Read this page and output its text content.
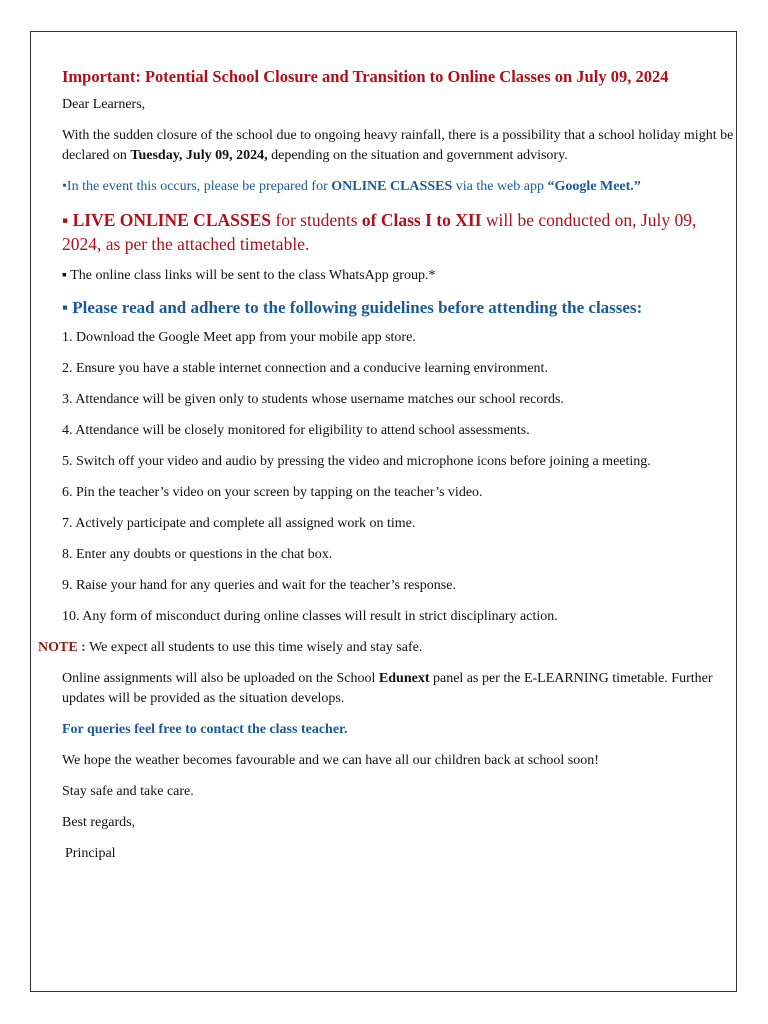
Important: Potential School Closure and Transition to Online Classes on July 09, 2024

Dear Learners,

With the sudden closure of the school due to ongoing heavy rainfall, there is a possibility that a school holiday might be declared on Tuesday, July 09, 2024, depending on the situation and government advisory.

•In the event this occurs, please be prepared for ONLINE CLASSES via the web app “Google Meet.”

▪ LIVE ONLINE CLASSES for students of Class I to XII will be conducted on, July 09, 2024, as per the attached timetable.

▪ The online class links will be sent to the class WhatsApp group.*

▪ Please read and adhere to the following guidelines before attending the classes:
1. Download the Google Meet app from your mobile app store.
2. Ensure you have a stable internet connection and a conducive learning environment.
3. Attendance will be given only to students whose username matches our school records.
4. Attendance will be closely monitored for eligibility to attend school assessments.
5. Switch off your video and audio by pressing the video and microphone icons before joining a meeting.
6. Pin the teacher’s video on your screen by tapping on the teacher’s video.
7. Actively participate and complete all assigned work on time.
8. Enter any doubts or questions in the chat box.
9. Raise your hand for any queries and wait for the teacher’s response.
10. Any form of misconduct during online classes will result in strict disciplinary action.
NOTE : We expect all students to use this time wisely and stay safe.

Online assignments will also be uploaded on the School Edunext panel as per the E-LEARNING timetable. Further updates will be provided as the situation develops.

For queries feel free to contact the class teacher.

We hope the weather becomes favourable and we can have all our children back at school soon!

Stay safe and take care.

Best regards,

Principal
